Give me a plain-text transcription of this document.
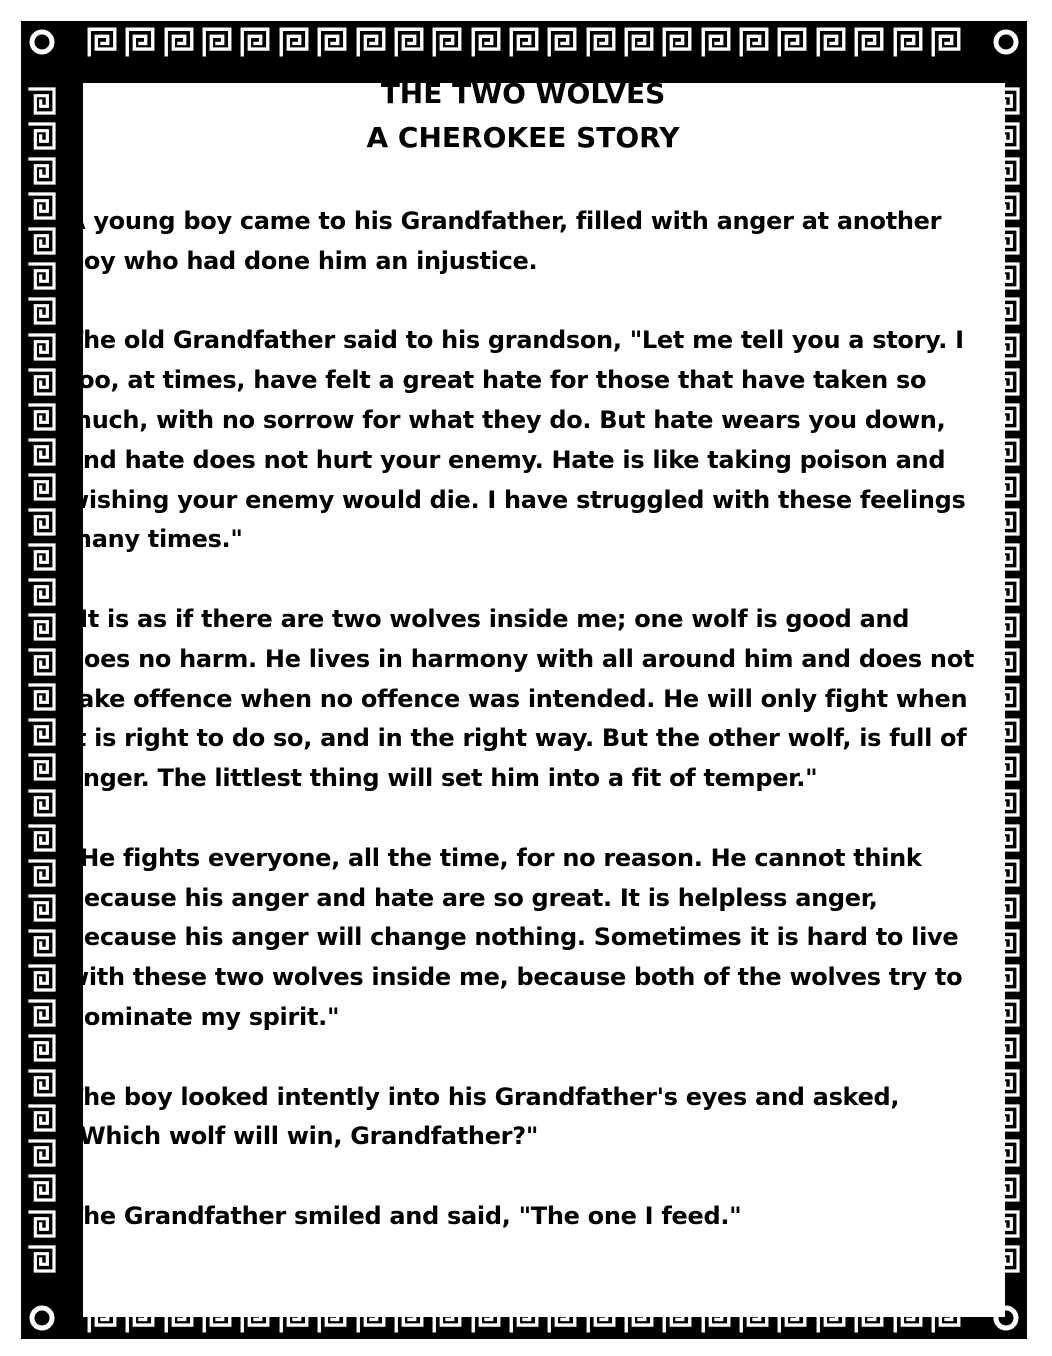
THE TWO WOLVES

A CHEROKEE STORY

A young boy came to his Grandfather, filled with anger at another boy who had done him an injustice.

The old Grandfather said to his grandson, "Let me tell you a story. I too, at times, have felt a great hate for those that have taken so much, with no sorrow for what they do. But hate wears you down, and hate does not hurt your enemy. Hate is like taking poison and wishing your enemy would die. I have struggled with these feelings many times."

"It is as if there are two wolves inside me; one wolf is good and does no harm. He lives in harmony with all around him and does not take offence when no offence was intended. He will only fight when it is right to do so, and in the right way. But the other wolf, is full of anger. The littlest thing will set him into a fit of temper."

"He fights everyone, all the time, for no reason. He cannot think because his anger and hate are so great. It is helpless anger, because his anger will change nothing. Sometimes it is hard to live with these two wolves inside me, because both of the wolves try to dominate my spirit."

The boy looked intently into his Grandfather's eyes and asked, "Which wolf will win, Grandfather?"

The Grandfather smiled and said, "The one I feed."
